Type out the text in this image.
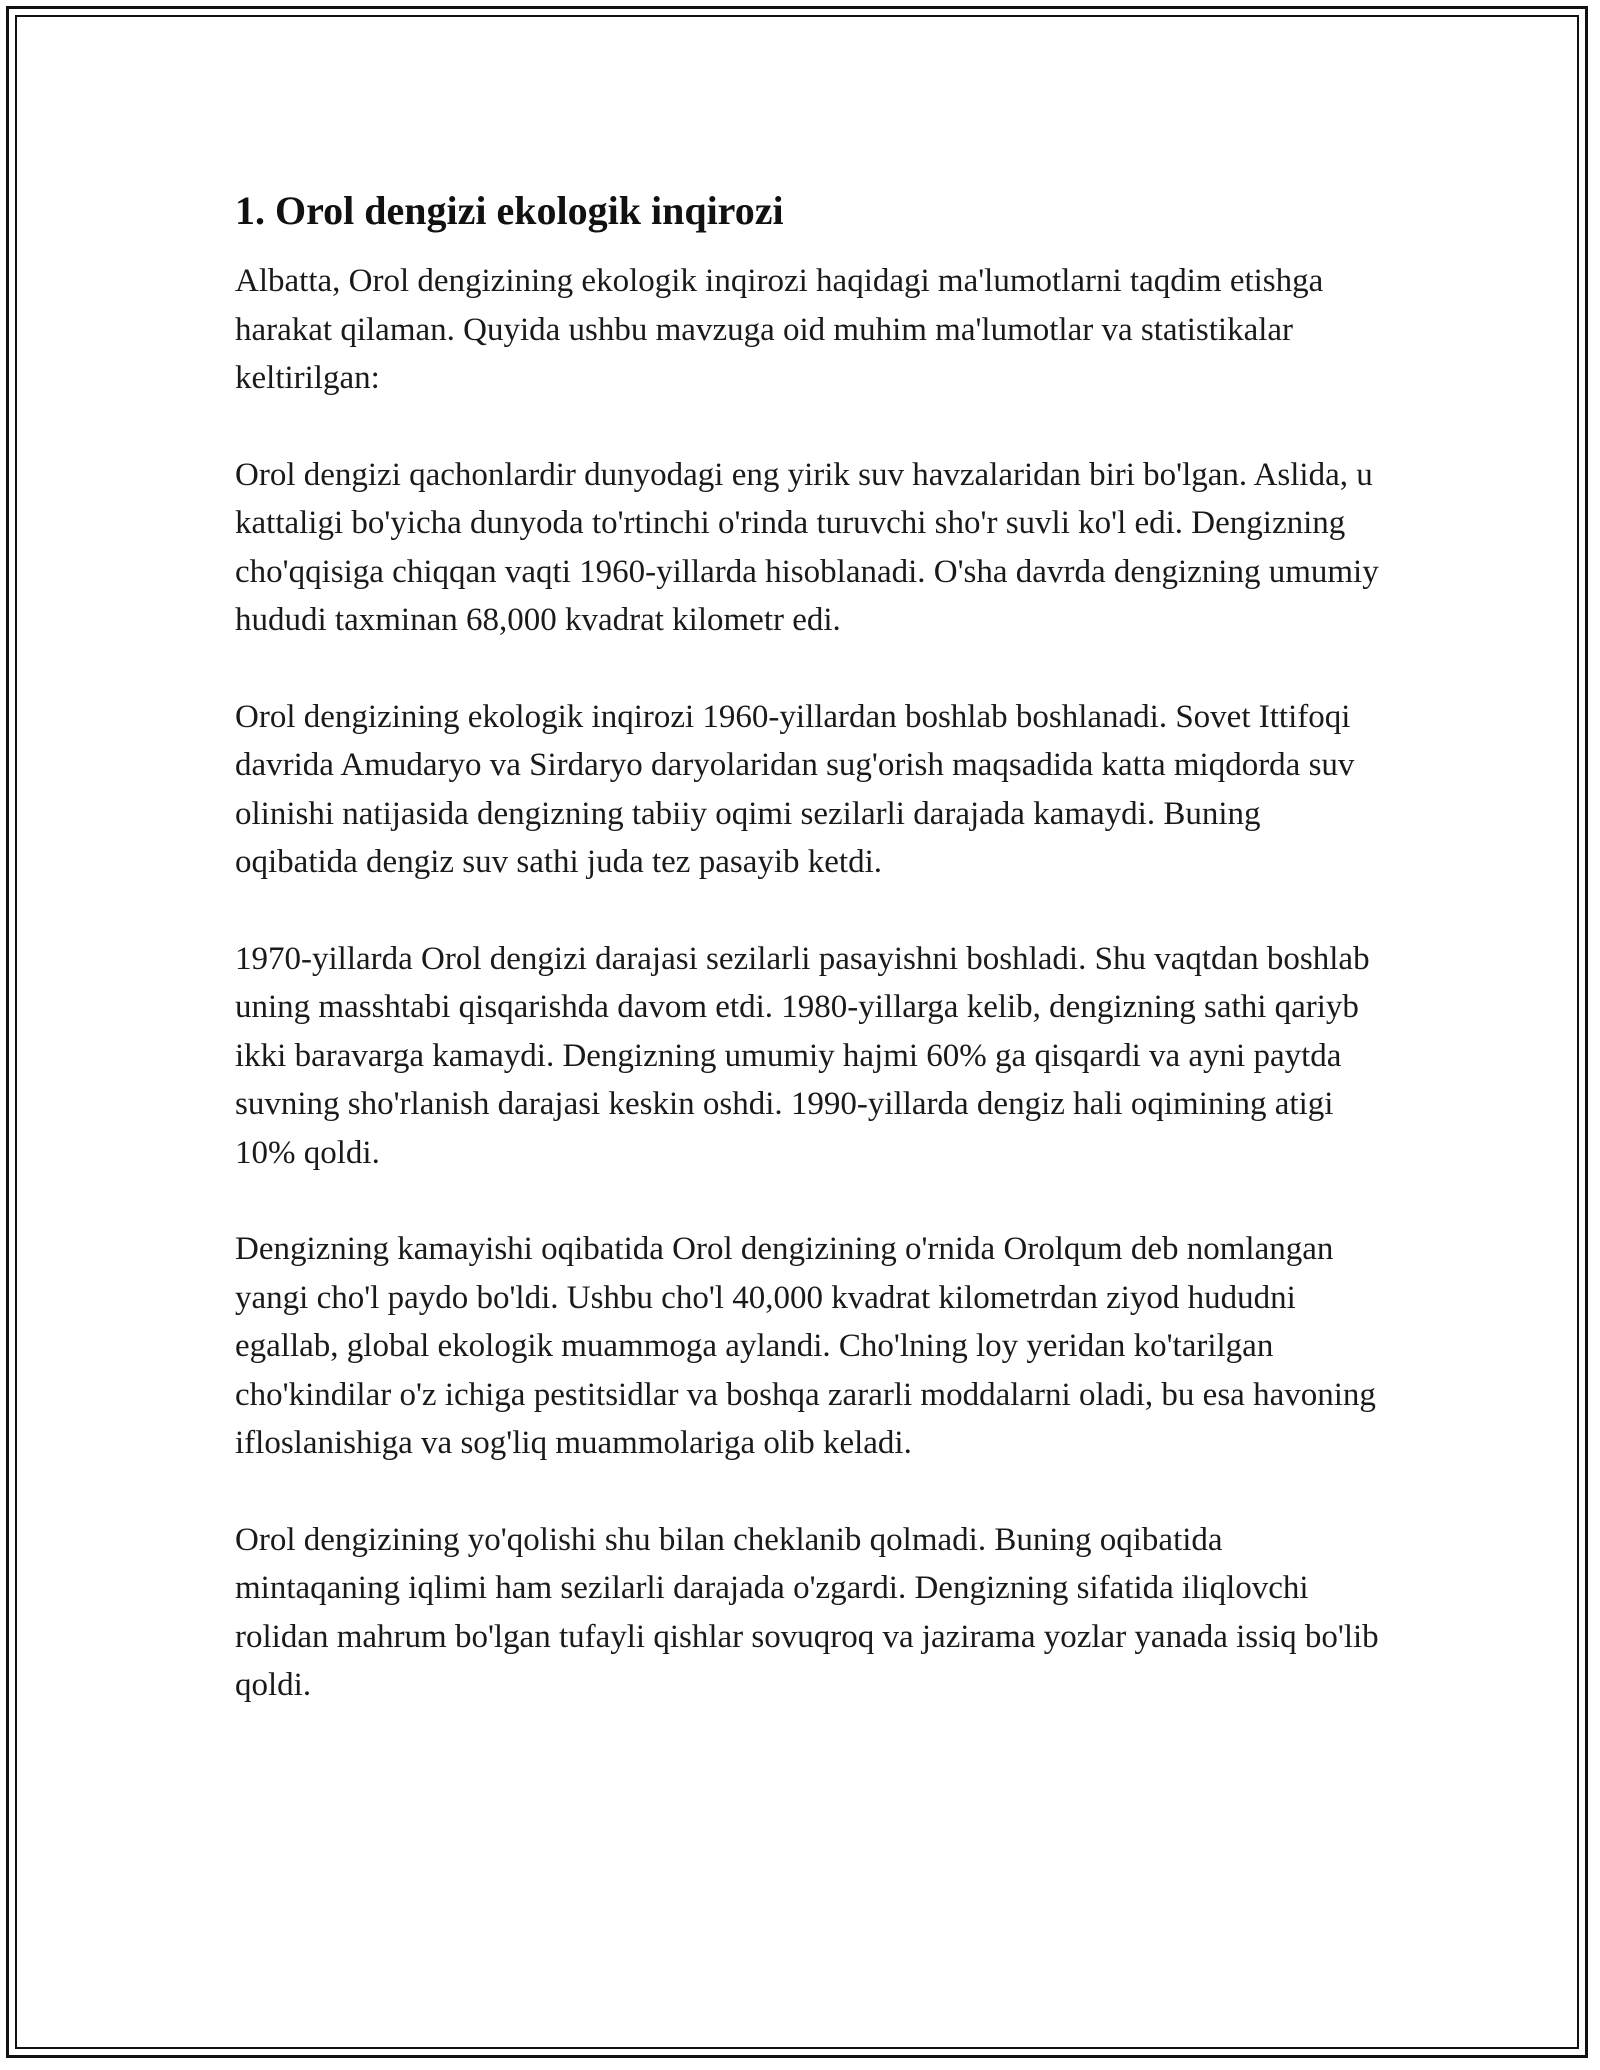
1. Orol dengizi ekologik inqirozi

Albatta, Orol dengizining ekologik inqirozi haqidagi ma'lumotlarni taqdim etishga harakat qilaman. Quyida ushbu mavzuga oid muhim ma'lumotlar va statistikalar keltirilgan:

Orol dengizi qachonlardir dunyodagi eng yirik suv havzalaridan biri bo'lgan. Aslida, u kattaligi bo'yicha dunyoda to'rtinchi o'rinda turuvchi sho'r suvli ko'l edi. Dengizning cho'qqisiga chiqqan vaqti 1960-yillarda hisoblanadi. O'sha davrda dengizning umumiy hududi taxminan 68,000 kvadrat kilometr edi.

Orol dengizining ekologik inqirozi 1960-yillardan boshlab boshlanadi. Sovet Ittifoqi davrida Amudaryo va Sirdaryo daryolaridan sug'orish maqsadida katta miqdorda suv olinishi natijasida dengizning tabiiy oqimi sezilarli darajada kamaydi. Buning oqibatida dengiz suv sathi juda tez pasayib ketdi.

1970-yillarda Orol dengizi darajasi sezilarli pasayishni boshladi. Shu vaqtdan boshlab uning masshtabi qisqarishda davom etdi. 1980-yillarga kelib, dengizning sathi qariyb ikki baravarga kamaydi. Dengizning umumiy hajmi 60% ga qisqardi va ayni paytda suvning sho'rlanish darajasi keskin oshdi. 1990-yillarda dengiz hali oqimining atigi 10% qoldi.

Dengizning kamayishi oqibatida Orol dengizining o'rnida Orolqum deb nomlangan yangi cho'l paydo bo'ldi. Ushbu cho'l 40,000 kvadrat kilometrdan ziyod hududni egallab, global ekologik muammoga aylandi. Cho'lning loy yeridan ko'tarilgan cho'kindilar o'z ichiga pestitsidlar va boshqa zararli moddalarni oladi, bu esa havoning ifloslanishiga va sog'liq muammolariga olib keladi.

Orol dengizining yo'qolishi shu bilan cheklanib qolmadi. Buning oqibatida mintaqaning iqlimi ham sezilarli darajada o'zgardi. Dengizning sifatida iliqlovchi rolidan mahrum bo'lgan tufayli qishlar sovuqroq va jazirama yozlar yanada issiq bo'lib qoldi.
